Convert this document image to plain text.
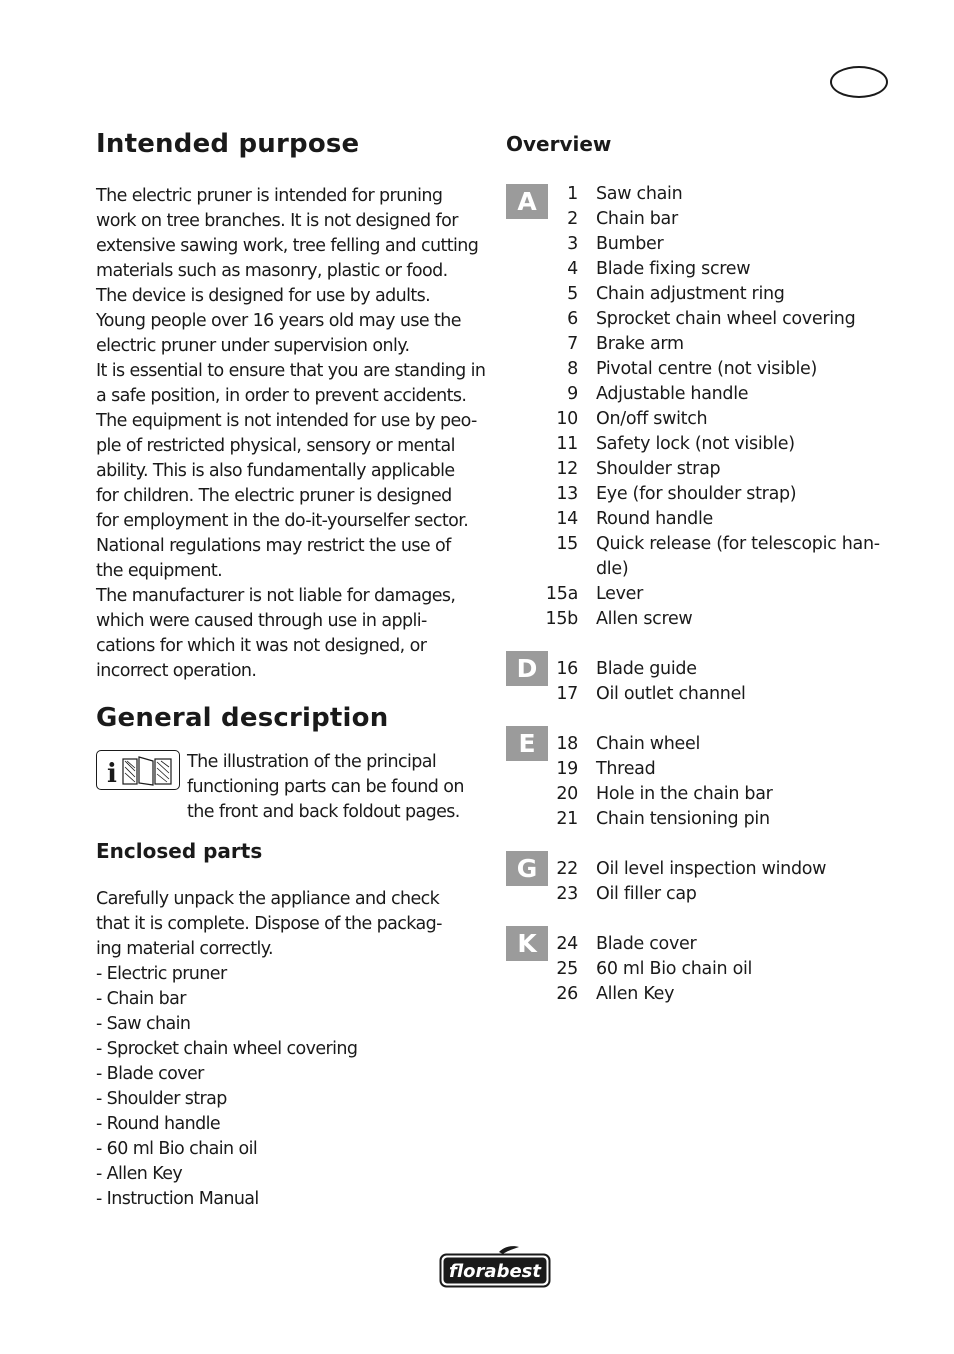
Intended purpose

The electric pruner is intended for pruning
work on tree branches. It is not designed for
extensive sawing work, tree felling and cutting
materials such as masonry, plastic or food.
The device is designed for use by adults.
Young people over 16 years old may use the
electric pruner under supervision only.
It is essential to ensure that you are standing in
a safe position, in order to prevent accidents.
The equipment is not intended for use by peo-
ple of restricted physical, sensory or mental
ability. This is also fundamentally applicable
for children. The electric pruner is designed
for employment in the do-it-yourselfer sector.
National regulations may restrict the use of
the equipment.
The manufacturer is not liable for damages,
which were caused through use in appli-
cations for which it was not designed, or
incorrect operation.

General description
i	The illustration of the principal
functioning parts can be found on
the front and back foldout pages.

Enclosed parts

Carefully unpack the appliance and check
that it is complete. Dispose of the packag-
ing material correctly.
- Electric pruner
- Chain bar
- Saw chain
- Sprocket chain wheel covering
- Blade cover
- Shoulder strap
- Round handle
- 60 ml Bio chain oil
- Allen Key
- Instruction Manual

Overview
A	1 Saw chain
2 Chain bar
3 Bumber
4 Blade fixing screw
5 Chain adjustment ring
6 Sprocket chain wheel covering
7 Brake arm
8 Pivotal centre (not visible)
9 Adjustable handle
10 On/off switch
11 Safety lock (not visible)
12 Shoulder strap
13 Eye (for shoulder strap)
14 Round handle
15 Quick release (for telescopic han-
dle)
15a Lever
15b Allen screw
D	16 Blade guide
17 Oil outlet channel
E	18 Chain wheel
19 Thread
20 Hole in the chain bar
21 Chain tensioning pin
G	22 Oil level inspection window
23 Oil filler cap
K	24 Blade cover
25 60 ml Bio chain oil
26 Allen Key
florabest
